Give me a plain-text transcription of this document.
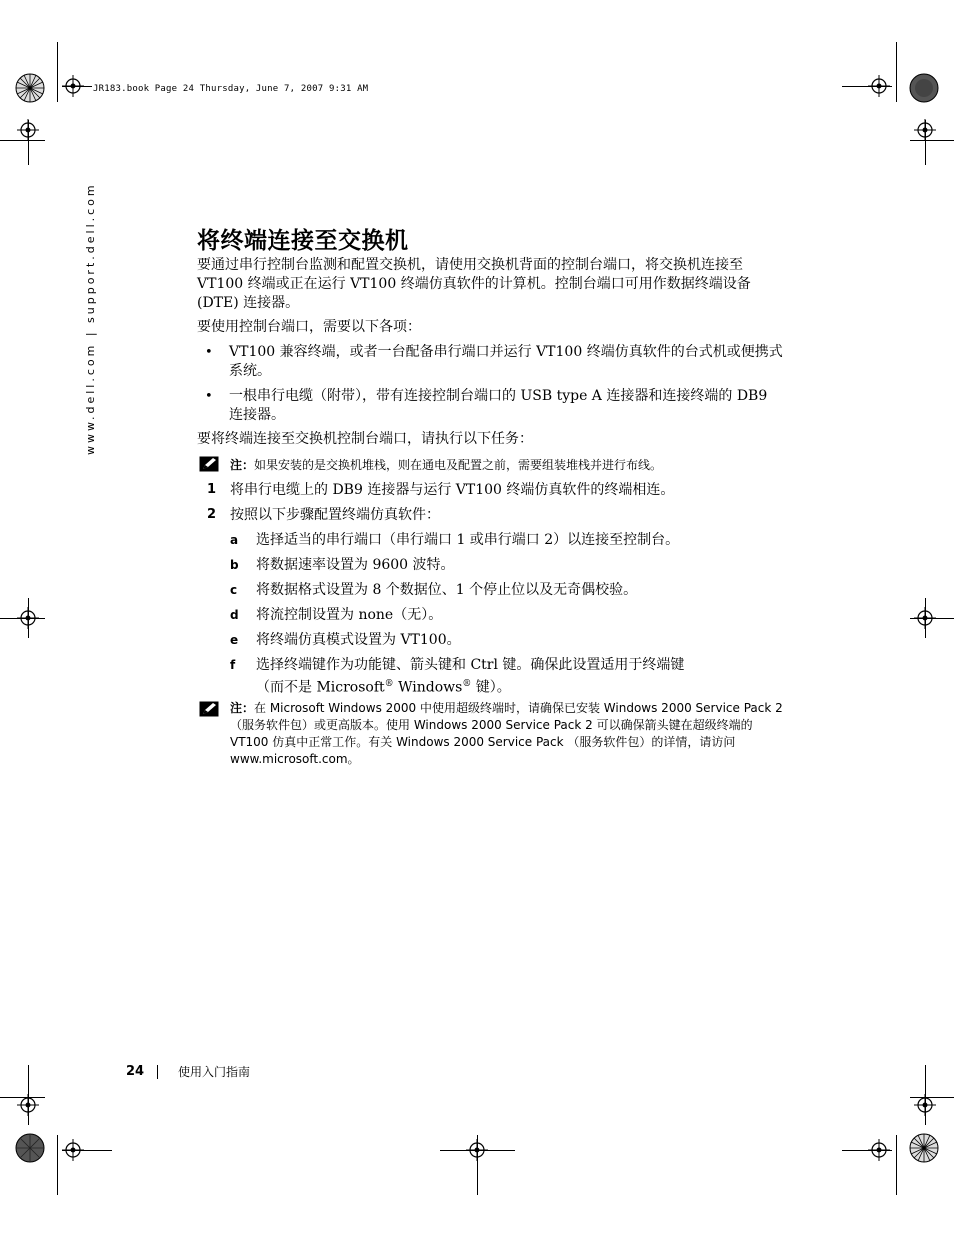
JR183.book Page 24 Thursday, June 7, 2007 9:31 AM
www.dell.com | support.dell.com	将终端连接至交换机
要通过串行控制台监测和配置交换机，请使用交换机背面的控制台端口，将交换机连接至
VT100 终端或正在运行 VT100 终端仿真软件的计算机。控制台端口可用作数据终端设备
(DTE) 连接器。
要使用控制台端口，需要以下各项：
• VT100 兼容终端，或者一台配备串行端口并运行 VT100 终端仿真软件的台式机或便携式
系统。
• 一根串行电缆（附带），带有连接控制台端口的 USB type A 连接器和连接终端的 DB9
连接器。
要将终端连接至交换机控制台端口，请执行以下任务：
注：如果安装的是交换机堆栈，则在通电及配置之前，需要组装堆栈并进行布线。
1 将串行电缆上的 DB9 连接器与运行 VT100 终端仿真软件的终端相连。
2 按照以下步骤配置终端仿真软件：
a 选择适当的串行端口（串行端口 1 或串行端口 2）以连接至控制台。
b 将数据速率设置为 9600 波特。
c 将数据格式设置为 8 个数据位、1 个停止位以及无奇偶校验。
d 将流控制设置为 none（无）。
e 将终端仿真模式设置为 VT100。
f 选择终端键作为功能键、箭头键和 Ctrl 键。确保此设置适用于终端键
（而不是 Microsoft® Windows® 键）。
注：在 Microsoft Windows 2000 中使用超级终端时，请确保已安装 Windows 2000 Service Pack 2
（服务软件包）或更高版本。使用 Windows 2000 Service Pack 2 可以确保箭头键在超级终端的
VT100 仿真中正常工作。有关 Windows 2000 Service Pack （服务软件包）的详情，请访问
www.microsoft.com。
24	使用入门指南
